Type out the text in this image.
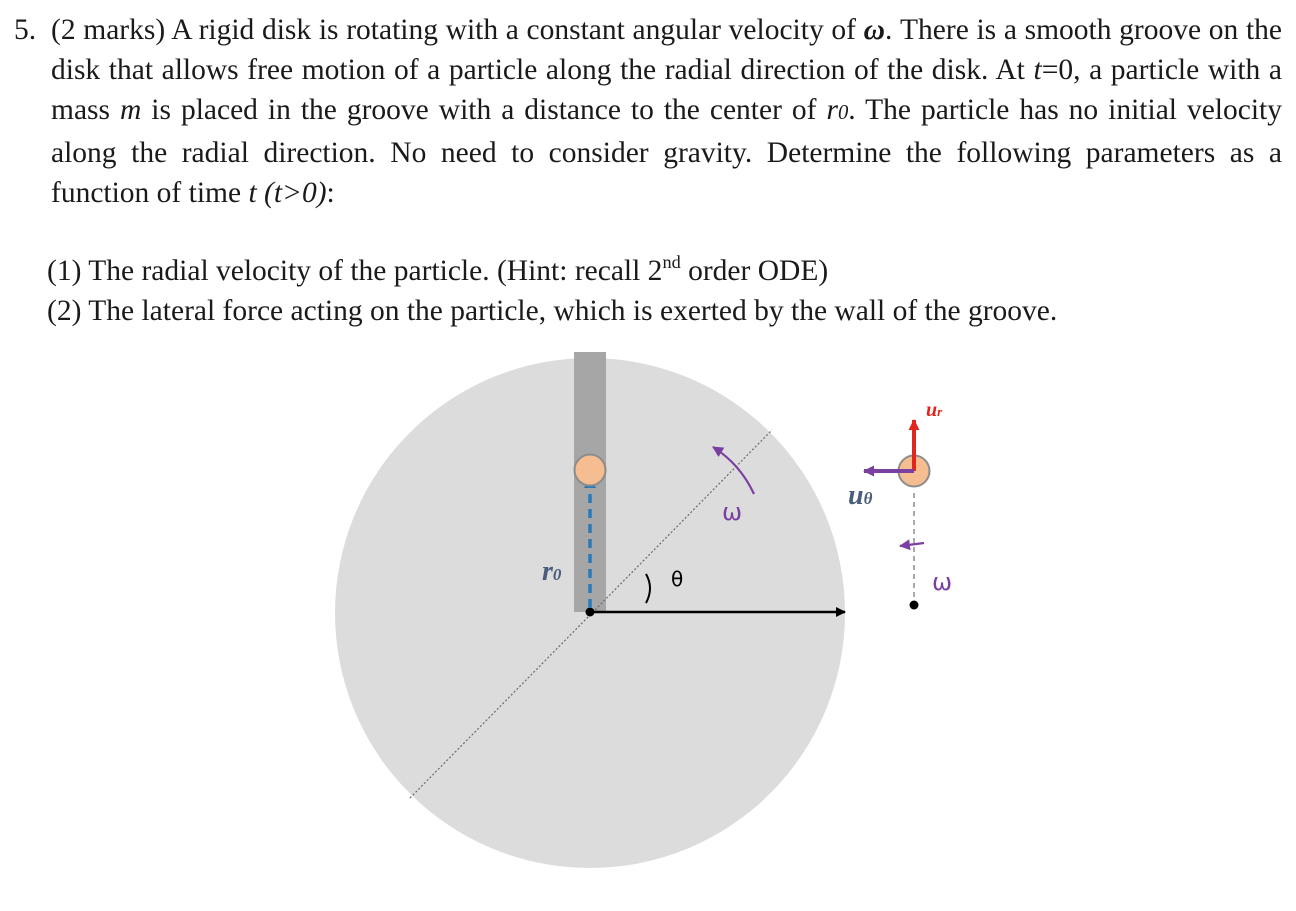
5. (2 marks) A rigid disk is rotating with a constant angular velocity of ω. There is a smooth groove on the disk that allows free motion of a particle along the radial direction of the disk. At t=0, a particle with a mass m is placed in the groove with a distance to the center of r0. The particle has no initial velocity along the radial direction. No need to consider gravity. Determine the following parameters as a function of time t (t>0):
(1) The radial velocity of the particle. (Hint: recall 2nd order ODE)
(2) The lateral force acting on the particle, which is exerted by the wall of the groove.
θ
r0
ω
ω
ur
uθ
